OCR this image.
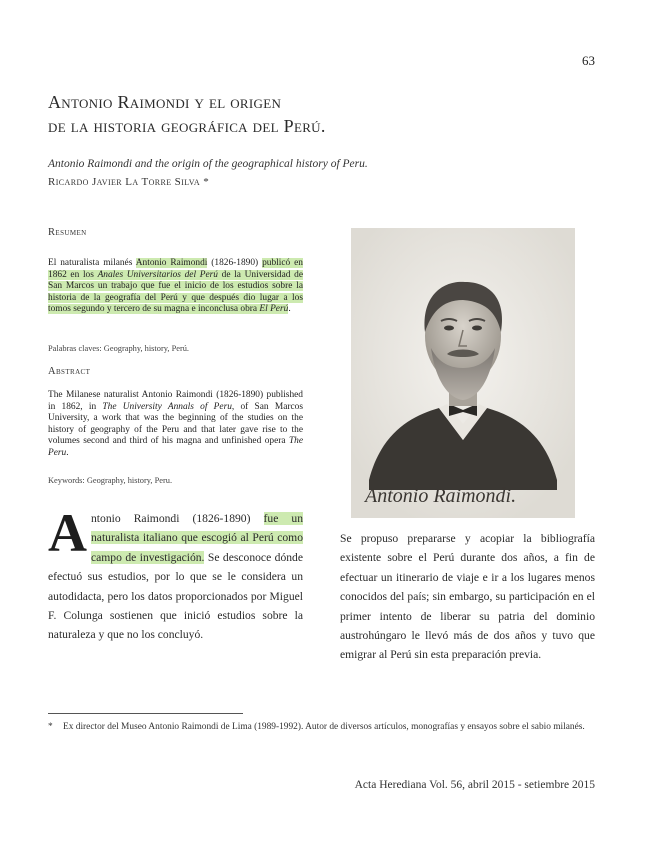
63
Antonio Raimondi y el origen
de la historia geográfica del Perú.
Antonio Raimondi and the origin of the geographical history of Peru.
Ricardo Javier La Torre Silva *
Resumen

El naturalista milanés Antonio Raimondi (1826-1890) publicó en 1862 en los Anales Universitarios del Perú de la Universidad de San Marcos un trabajo que fue el inicio de los estudios sobre la historia de la geografía del Perú y que después dio lugar a los tomos segundo y tercero de su magna e inconclusa obra El Perú.

Palabras claves: Geography, history, Perú.
Abstract

The Milanese naturalist Antonio Raimondi (1826-1890) published in 1862, in The University Annals of Peru, of San Marcos University, a work that was the beginning of the studies on the history of geography of the Peru and that later gave rise to the volumes second and third of his magna and unfinished opera The Peru.

Keywords: Geography, history, Peru.
Antonio Raimondi.

Antonio Raimondi (1826-1890) fue un naturalista italiano que escogió al Perú como campo de investigación. Se desconoce dónde efectuó sus estudios, por lo que se le considera un autodidacta, pero los datos proporcionados por Miguel F. Colunga sostienen que inició estudios sobre la naturaleza y que no los concluyó.

Se propuso prepararse y acopiar la bibliografía existente sobre el Perú durante dos años, a fin de efectuar un itinerario de viaje e ir a los lugares menos conocidos del país; sin embargo, su participación en el primer intento de liberar su patria del dominio austrohúngaro le llevó más de dos años y tuvo que emigrar al Perú sin esta preparación previa.

* Ex director del Museo Antonio Raimondi de Lima (1989-1992). Autor de diversos artículos, monografías y ensayos sobre el sabio milanés.

Acta Herediana Vol. 56, abril 2015 - setiembre 2015
